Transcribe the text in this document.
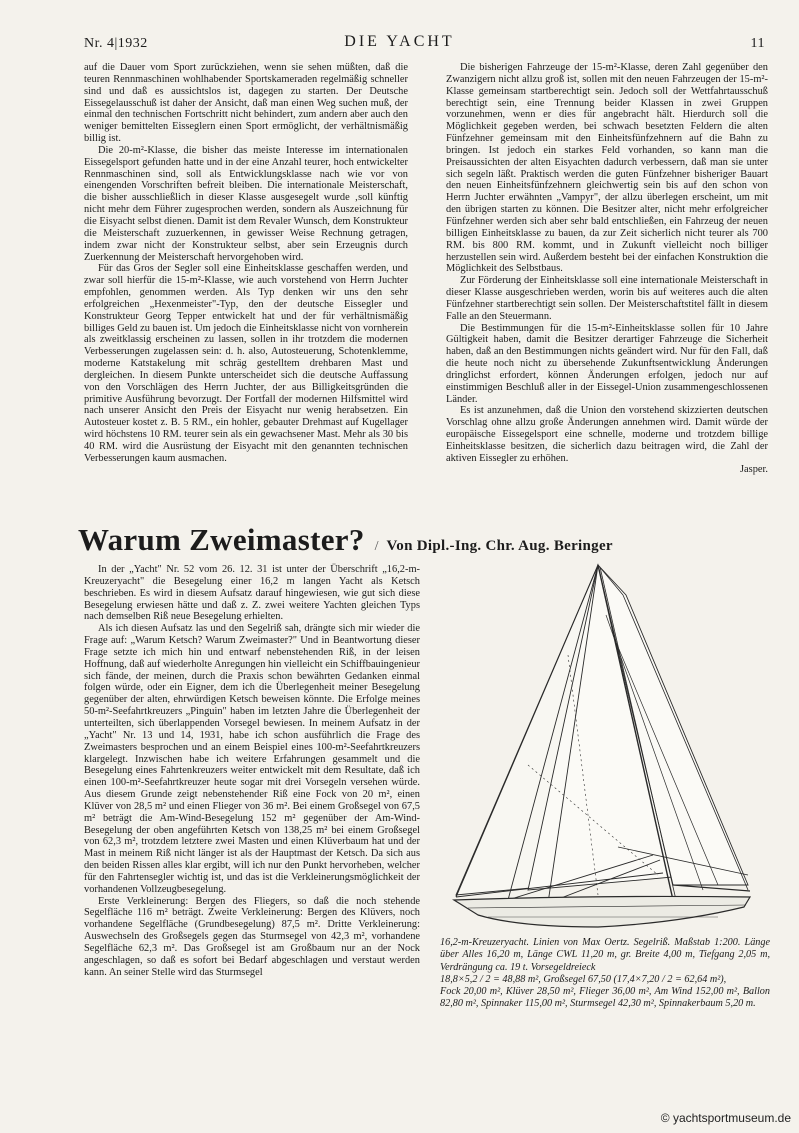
Nr. 4|1932	DIE YACHT	11

auf die Dauer vom Sport zurückziehen, wenn sie sehen müßten, daß die teuren Rennmaschinen wohlhabender Sportskameraden regelmäßig schneller sind und daß es aussichtslos ist, dagegen zu starten. Der Deutsche Eissegelausschuß ist daher der Ansicht, daß man einen Weg suchen muß, der einmal den technischen Fortschritt nicht behindert, zum andern aber auch den weniger bemittelten Eisseglern einen Sport ermöglicht, der verhältnismäßig billig ist.

Die 20-m²-Klasse, die bisher das meiste Interesse im internationalen Eissegelsport gefunden hatte und in der eine Anzahl teurer, hoch entwickelter Rennmaschinen sind, soll als Entwicklungsklasse nach wie vor von einengenden Vorschriften befreit bleiben. Die internationale Meisterschaft, die bisher ausschließlich in dieser Klasse ausgesegelt wurde ‚soll künftig nicht mehr dem Führer zugesprochen werden, sondern als Auszeichnung für die Eisyacht selbst dienen. Damit ist dem Revaler Wunsch, dem Konstrukteur die Meisterschaft zuzuerkennen, in gewisser Weise Rechnung getragen, indem zwar nicht der Konstrukteur selbst, aber sein Erzeugnis durch Zuerkennung der Meisterschaft hervorgehoben wird.

Für das Gros der Segler soll eine Einheitsklasse geschaffen werden, und zwar soll hierfür die 15-m²-Klasse, wie auch vorstehend von Herrn Juchter empfohlen, genommen werden. Als Typ denken wir uns den sehr erfolgreichen „Hexenmeister"-Typ, den der deutsche Eissegler und Konstrukteur Georg Tepper entwickelt hat und der für verhältnismäßig billiges Geld zu bauen ist. Um jedoch die Einheitsklasse nicht von vornherein als zweitklassig erscheinen zu lassen, sollen in ihr trotzdem die modernen Verbesserungen zugelassen sein: d. h. also, Autosteuerung, Schotenklemme, moderne Katstakelung mit schräg gestelltem drehbaren Mast und dergleichen. In diesem Punkte unterscheidet sich die deutsche Auffassung von den Vorschlägen des Herrn Juchter, der aus Billigkeitsgründen die primitive Ausführung bevorzugt. Der Fortfall der modernen Hilfsmittel wird nach unserer Ansicht den Preis der Eisyacht nur wenig herabsetzen. Ein Autosteuer kostet z. B. 5 RM., ein hohler, gebauter Drehmast auf Kugellager wird höchstens 10 RM. teurer sein als ein gewachsener Mast. Mehr als 30 bis 40 RM. wird die Ausrüstung der Eisyacht mit den genannten technischen Verbesserungen kaum ausmachen.

Die bisherigen Fahrzeuge der 15-m²-Klasse, deren Zahl gegenüber den Zwanzigern nicht allzu groß ist, sollen mit den neuen Fahrzeugen der 15-m²-Klasse gemeinsam startberechtigt sein. Jedoch soll der Wettfahrtausschuß berechtigt sein, eine Trennung beider Klassen in zwei Gruppen vorzunehmen, wenn er dies für angebracht hält. Hierdurch soll die Möglichkeit gegeben werden, bei schwach besetzten Feldern die alten Fünfzehner gemeinsam mit den Einheitsfünfzehnern auf die Bahn zu bringen. Ist jedoch ein starkes Feld vorhanden, so kann man die Preisaussichten der alten Eisyachten dadurch verbessern, daß man sie unter sich segeln läßt. Praktisch werden die guten Fünfzehner bisheriger Bauart den neuen Einheitsfünfzehnern gleichwertig sein bis auf den schon von Herrn Juchter erwähnten „Vampyr", der allzu überlegen erscheint, um mit den übrigen starten zu können. Die Besitzer alter, nicht mehr erfolgreicher Fünfzehner werden sich aber sehr bald entschließen, ein Fahrzeug der neuen billigen Einheitsklasse zu bauen, da zur Zeit sicherlich nicht teurer als 700 RM. bis 800 RM. kommt, und in Zukunft vielleicht noch billiger herzustellen sein wird. Außerdem besteht bei der einfachen Konstruktion die Möglichkeit des Selbstbaus.

Zur Förderung der Einheitsklasse soll eine internationale Meisterschaft in dieser Klasse ausgeschrieben werden, worin bis auf weiteres auch die alten Fünfzehner startberechtigt sein sollen. Der Meisterschaftstitel fällt in diesem Falle an den Steuermann.

Die Bestimmungen für die 15-m²-Einheitsklasse sollen für 10 Jahre Gültigkeit haben, damit die Besitzer derartiger Fahrzeuge die Sicherheit haben, daß an den Bestimmungen nichts geändert wird. Nur für den Fall, daß die heute noch nicht zu übersehende Zukunftsentwicklung Änderungen dringlichst erfordert, können Änderungen erfolgen, jedoch nur auf einstimmigen Beschluß aller in der Eissegel-Union zusammengeschlossenen Länder.

Es ist anzunehmen, daß die Union den vorstehend skizzierten deutschen Vorschlag ohne allzu große Änderungen annehmen wird. Damit würde der europäische Eissegelsport eine schnelle, moderne und trotzdem billige Einheitsklasse besitzen, die sicherlich dazu beitragen wird, die Zahl der aktiven Eissegler zu erhöhen.

Jasper.
Warum Zweimaster? / Von Dipl.-Ing. Chr. Aug. Beringer

In der „Yacht" Nr. 52 vom 26. 12. 31 ist unter der Überschrift „16,2-m-Kreuzeryacht" die Besegelung einer 16,2 m langen Yacht als Ketsch beschrieben. Es wird in diesem Aufsatz darauf hingewiesen, wie gut sich diese Besegelung erwiesen hätte und daß z. Z. zwei weitere Yachten gleichen Typs nach demselben Riß neue Besegelung erhielten.

Als ich diesen Aufsatz las und den Segelriß sah, drängte sich mir wieder die Frage auf: „Warum Ketsch? Warum Zweimaster?" Und in Beantwortung dieser Frage setzte ich mich hin und entwarf nebenstehenden Riß, in der leisen Hoffnung, daß auf wiederholte Anregungen hin vielleicht ein Schiffbauingenieur sich fände, der meinen, durch die Praxis schon bewährten Gedanken einmal folgen würde, oder ein Eigner, dem ich die Überlegenheit meiner Besegelung gegenüber der alten, ehrwürdigen Ketsch beweisen könnte. Die Erfolge meines 50-m²-Seefahrtkreuzers „Pinguin" haben im letzten Jahre die Überlegenheit der unterteilten, sich überlappenden Vorsegel bewiesen. In meinem Aufsatz in der „Yacht" Nr. 13 und 14, 1931, habe ich schon ausführlich die Frage des Zweimasters besprochen und an einem Beispiel eines 100-m²-Seefahrtkreuzers klargelegt. Inzwischen habe ich weitere Erfahrungen gesammelt und die Besegelung eines Fahrtenkreuzers weiter entwickelt mit dem Resultate, daß ich einen 100-m²-Seefahrtkreuzer heute sogar mit drei Vorsegeln versehen würde. Aus diesem Grunde zeigt nebenstehender Riß eine Fock von 20 m², einen Klüver von 28,5 m² und einen Flieger von 36 m². Bei einem Großsegel von 67,5 m² beträgt die Am-Wind-Besegelung 152 m² gegenüber der Am-Wind-Besegelung der oben angeführten Ketsch von 138,25 m² bei einem Großsegel von 62,3 m², trotzdem letztere zwei Masten und einen Klüverbaum hat und der Mast in meinem Riß nicht länger ist als der Hauptmast der Ketsch. Da sich aus den beiden Rissen alles klar ergibt, will ich nur den Punkt hervorheben, welcher für den Fahrtensegler wichtig ist, und das ist die Verkleinerungsmöglichkeit der vorhandenen Vollzeugbesegelung.

Erste Verkleinerung: Bergen des Fliegers, so daß die noch stehende Segelfläche 116 m² beträgt. Zweite Verkleinerung: Bergen des Klüvers, noch vorhandene Segelfläche (Grundbesegelung) 87,5 m². Dritte Verkleinerung: Auswechseln des Großsegels gegen das Sturmsegel von 42,3 m², vorhandene Segelfläche 62,3 m². Das Großsegel ist am Großbaum nur an der Nock angeschlagen, so daß es sofort bei Bedarf abgeschlagen und verstaut werden kann. An seiner Stelle wird das Sturmsegel

16,2-m-Kreuzeryacht. Linien von Max Oertz. Segelriß. Maßstab 1:200. Länge über Alles 16,20 m, Länge CWL 11,20 m, gr. Breite 4,00 m, Tiefgang 2,05 m, Verdrängung ca. 19 t. Vorsegeldreieck

18,8×5,2 / 2 = 48,88 m², Großsegel 67,50 (17,4×7,20 / 2 = 62,64 m²),

Fock 20,00 m², Klüver 28,50 m², Flieger 36,00 m², Am Wind 152,00 m², Ballon 82,80 m², Spinnaker 115,00 m², Sturmsegel 42,30 m², Spinnakerbaum 5,20 m.

© yachtsportmuseum.de
